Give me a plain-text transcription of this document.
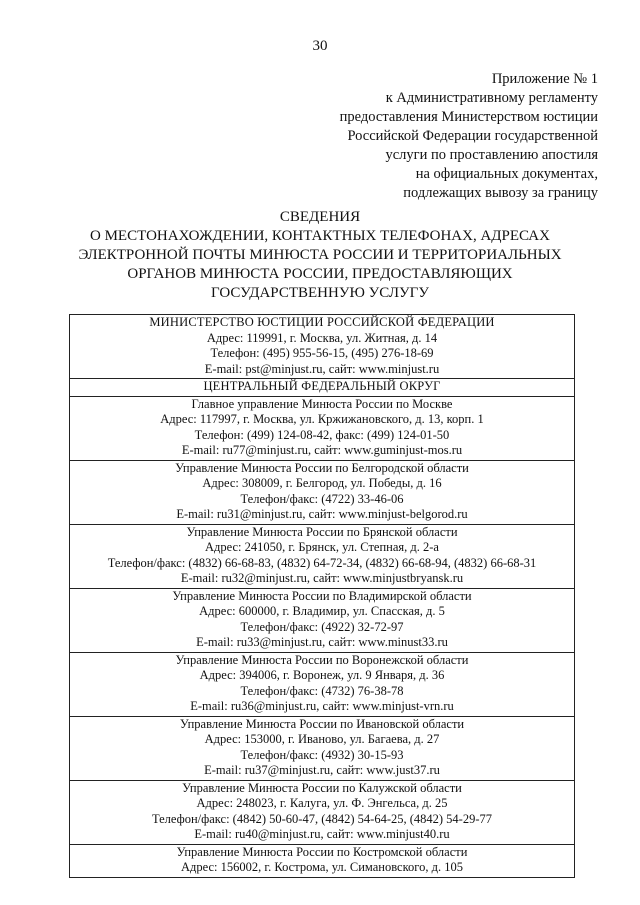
30
Приложение № 1
к Административному регламенту
предоставления Министерством юстиции
Российской Федерации государственной
услуги по проставлению апостиля
на официальных документах,
подлежащих вывозу за границу
СВЕДЕНИЯ
О МЕСТОНАХОЖДЕНИИ, КОНТАКТНЫХ ТЕЛЕФОНАХ, АДРЕСАХ
ЭЛЕКТРОННОЙ ПОЧТЫ МИНЮСТА РОССИИ И ТЕРРИТОРИАЛЬНЫХ
ОРГАНОВ МИНЮСТА РОССИИ, ПРЕДОСТАВЛЯЮЩИХ
ГОСУДАРСТВЕННУЮ УСЛУГУ
МИНИСТЕРСТВО ЮСТИЦИИ РОССИЙСКОЙ ФЕДЕРАЦИИ
Адрес: 119991, г. Москва, ул. Житная, д. 14
Телефон: (495) 955-56-15, (495) 276-18-69
E-mail: pst@minjust.ru, сайт: www.minjust.ru

ЦЕНТРАЛЬНЫЙ ФЕДЕРАЛЬНЫЙ ОКРУГ

Главное управление Минюста России по Москве
Адрес: 117997, г. Москва, ул. Кржижановского, д. 13, корп. 1
Телефон: (499) 124-08-42, факс: (499) 124-01-50
E-mail: ru77@minjust.ru, сайт: www.guminjust-mos.ru

Управление Минюста России по Белгородской области
Адрес: 308009, г. Белгород, ул. Победы, д. 16
Телефон/факс: (4722) 33-46-06
E-mail: ru31@minjust.ru, сайт: www.minjust-belgorod.ru

Управление Минюста России по Брянской области
Адрес: 241050, г. Брянск, ул. Степная, д. 2-а
Телефон/факс: (4832) 66-68-83, (4832) 64-72-34, (4832) 66-68-94, (4832) 66-68-31
E-mail: ru32@minjust.ru, сайт: www.minjustbryansk.ru

Управление Минюста России по Владимирской области
Адрес: 600000, г. Владимир, ул. Спасская, д. 5
Телефон/факс: (4922) 32-72-97
E-mail: ru33@minjust.ru, сайт: www.minust33.ru

Управление Минюста России по Воронежской области
Адрес: 394006, г. Воронеж, ул. 9 Января, д. 36
Телефон/факс: (4732) 76-38-78
E-mail: ru36@minjust.ru, сайт: www.minjust-vrn.ru

Управление Минюста России по Ивановской области
Адрес: 153000, г. Иваново, ул. Багаева, д. 27
Телефон/факс: (4932) 30-15-93
E-mail: ru37@minjust.ru, сайт: www.just37.ru

Управление Минюста России по Калужской области
Адрес: 248023, г. Калуга, ул. Ф. Энгельса, д. 25
Телефон/факс: (4842) 50-60-47, (4842) 54-64-25, (4842) 54-29-77
E-mail: ru40@minjust.ru, сайт: www.minjust40.ru

Управление Минюста России по Костромской области
Адрес: 156002, г. Кострома, ул. Симановского, д. 105
